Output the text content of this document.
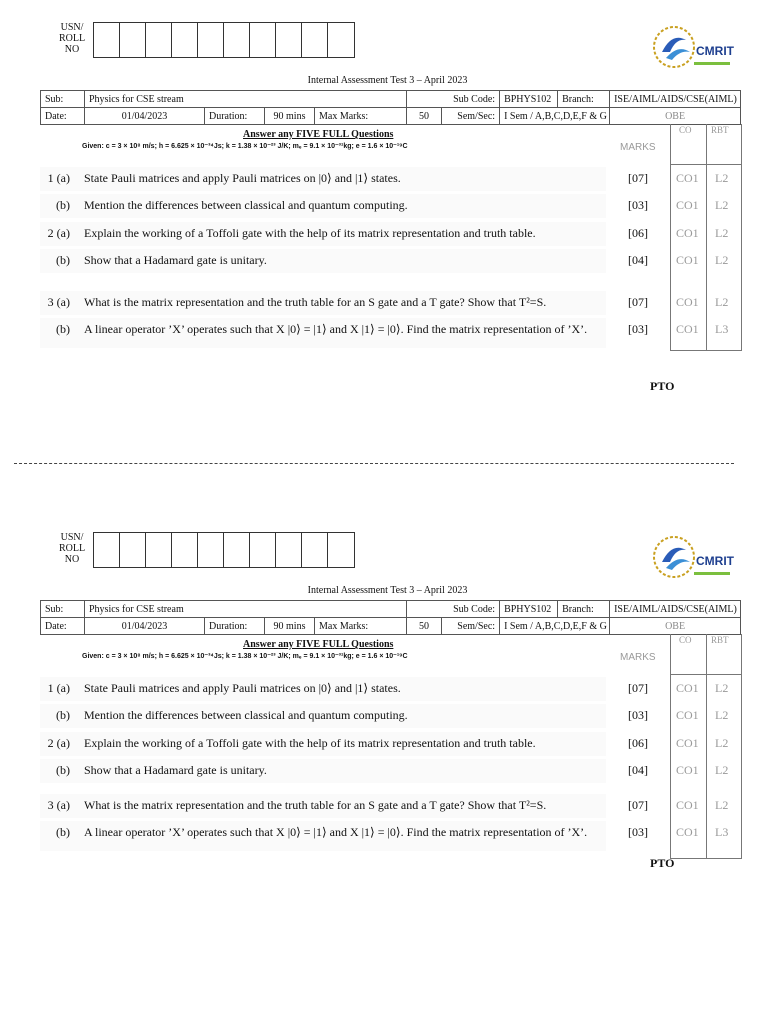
USN/
ROLL
NO	CMRIT
Internal Assessment Test 3 – April 2023
Sub:	Physics for CSE stream				Sub Code:		BPHYS102	Branch:	ISE/AIML/AIDS/CSE(AIML)
Date:	01/04/2023	Duration:	90 mins	Max Marks:	50	Sem/Sec:	I Sem / A,B,C,D,E,F & G		OBE
Answer any FIVE FULL Questions
Given: c = 3 × 10⁸ m/s; h = 6.625 × 10⁻³⁴Js; k = 1.38 × 10⁻²³ J/K; mₑ = 9.1 × 10⁻³¹kg; e = 1.6 × 10⁻¹⁹C	MARKS
CO RBT
1 (a) State Pauli matrices and apply Pauli matrices on |0⟩ and |1⟩ states.	[07] CO1 L2
(b) Mention the differences between classical and quantum computing.	[03] CO1 L2
2 (a) Explain the working of a Toffoli gate with the help of its matrix representation and truth table.	[06] CO1 L2
(b) Show that a Hadamard gate is unitary.	[04] CO1 L2
3 (a) What is the matrix representation and the truth table for an S gate and a T gate? Show that T²=S.	[07] CO1 L2
(b) A linear operator ’X’ operates such that X |0⟩ = |1⟩ and X |1⟩ = |0⟩. Find the matrix representation of ’X’.	[03] CO1 L3
PTO
USN/
ROLL
NO	CMRIT
Internal Assessment Test 3 – April 2023
Sub:	Physics for CSE stream				Sub Code:		BPHYS102	Branch:	ISE/AIML/AIDS/CSE(AIML)
Date:	01/04/2023	Duration:	90 mins	Max Marks:	50	Sem/Sec:	I Sem / A,B,C,D,E,F & G		OBE
Answer any FIVE FULL Questions
Given: c = 3 × 10⁸ m/s; h = 6.625 × 10⁻³⁴Js; k = 1.38 × 10⁻²³ J/K; mₑ = 9.1 × 10⁻³¹kg; e = 1.6 × 10⁻¹⁹C	MARKS
CO RBT
1 (a) State Pauli matrices and apply Pauli matrices on |0⟩ and |1⟩ states.	[07] CO1 L2
(b) Mention the differences between classical and quantum computing.	[03] CO1 L2
2 (a) Explain the working of a Toffoli gate with the help of its matrix representation and truth table.	[06] CO1 L2
(b) Show that a Hadamard gate is unitary.	[04] CO1 L2
3 (a) What is the matrix representation and the truth table for an S gate and a T gate? Show that T²=S.	[07] CO1 L2
(b) A linear operator ’X’ operates such that X |0⟩ = |1⟩ and X |1⟩ = |0⟩. Find the matrix representation of ’X’.	[03] CO1 L3
PTO
